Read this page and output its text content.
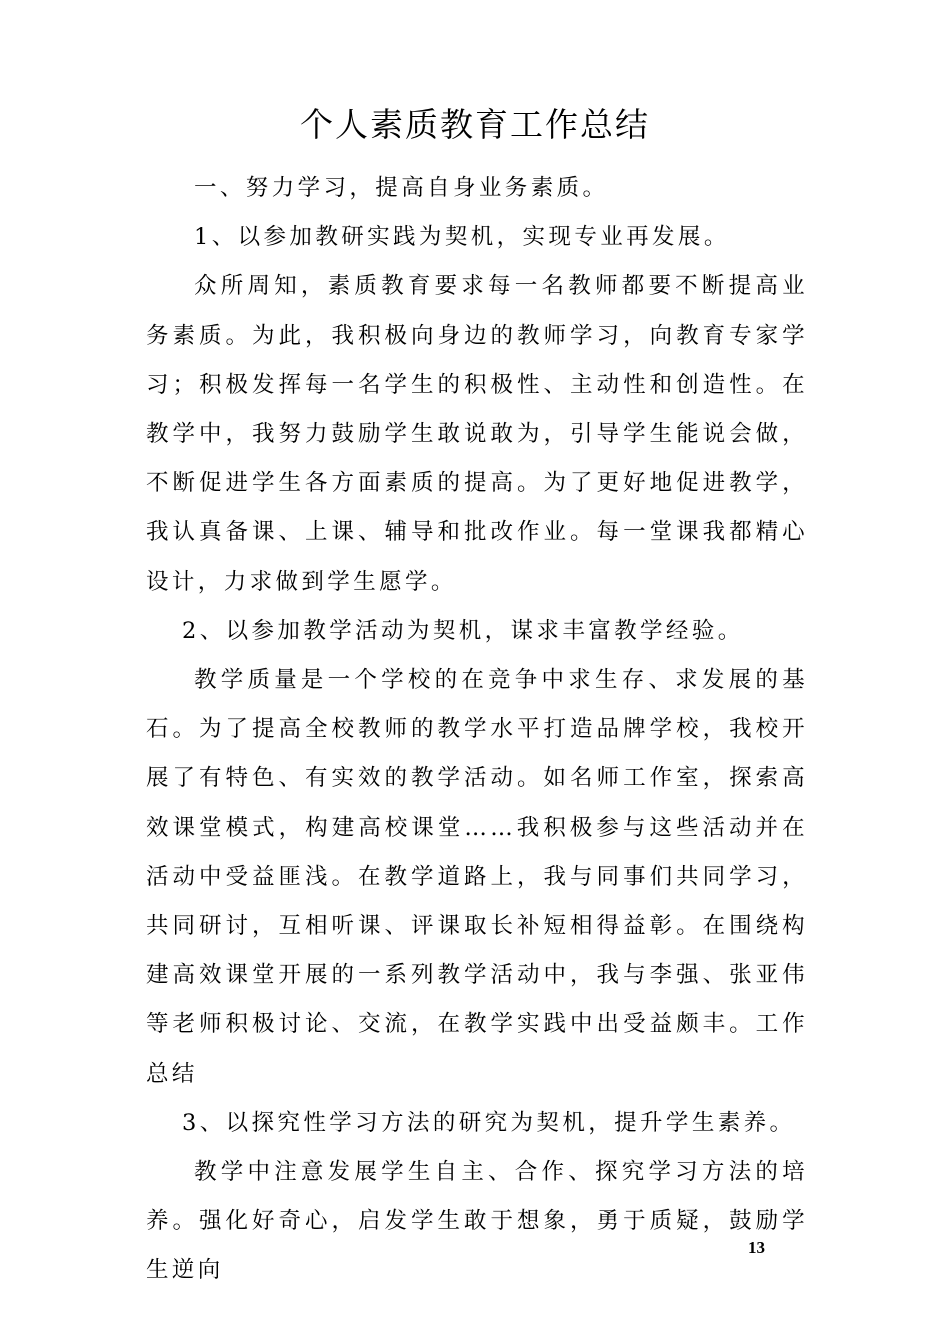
个人素质教育工作总结

一、努力学习，提高自身业务素质。

1、以参加教研实践为契机，实现专业再发展。

众所周知，素质教育要求每一名教师都要不断提高业务素质。为此，我积极向身边的教师学习，向教育专家学习；积极发挥每一名学生的积极性、主动性和创造性。在教学中，我努力鼓励学生敢说敢为，引导学生能说会做，不断促进学生各方面素质的提高。为了更好地促进教学，我认真备课、上课、辅导和批改作业。每一堂课我都精心设计，力求做到学生愿学。

2、以参加教学活动为契机，谋求丰富教学经验。

教学质量是一个学校的在竞争中求生存、求发展的基石。为了提高全校教师的教学水平打造品牌学校，我校开展了有特色、有实效的教学活动。如名师工作室，探索高效课堂模式，构建高校课堂……我积极参与这些活动并在活动中受益匪浅。在教学道路上，我与同事们共同学习，共同研讨，互相听课、评课取长补短相得益彰。在围绕构建高效课堂开展的一系列教学活动中，我与李强、张亚伟等老师积极讨论、交流，在教学实践中出受益颇丰。工作总结

3、以探究性学习方法的研究为契机，提升学生素养。

教学中注意发展学生自主、合作、探究学习方法的培养。强化好奇心，启发学生敢于想象，勇于质疑，鼓励学生逆向

13
